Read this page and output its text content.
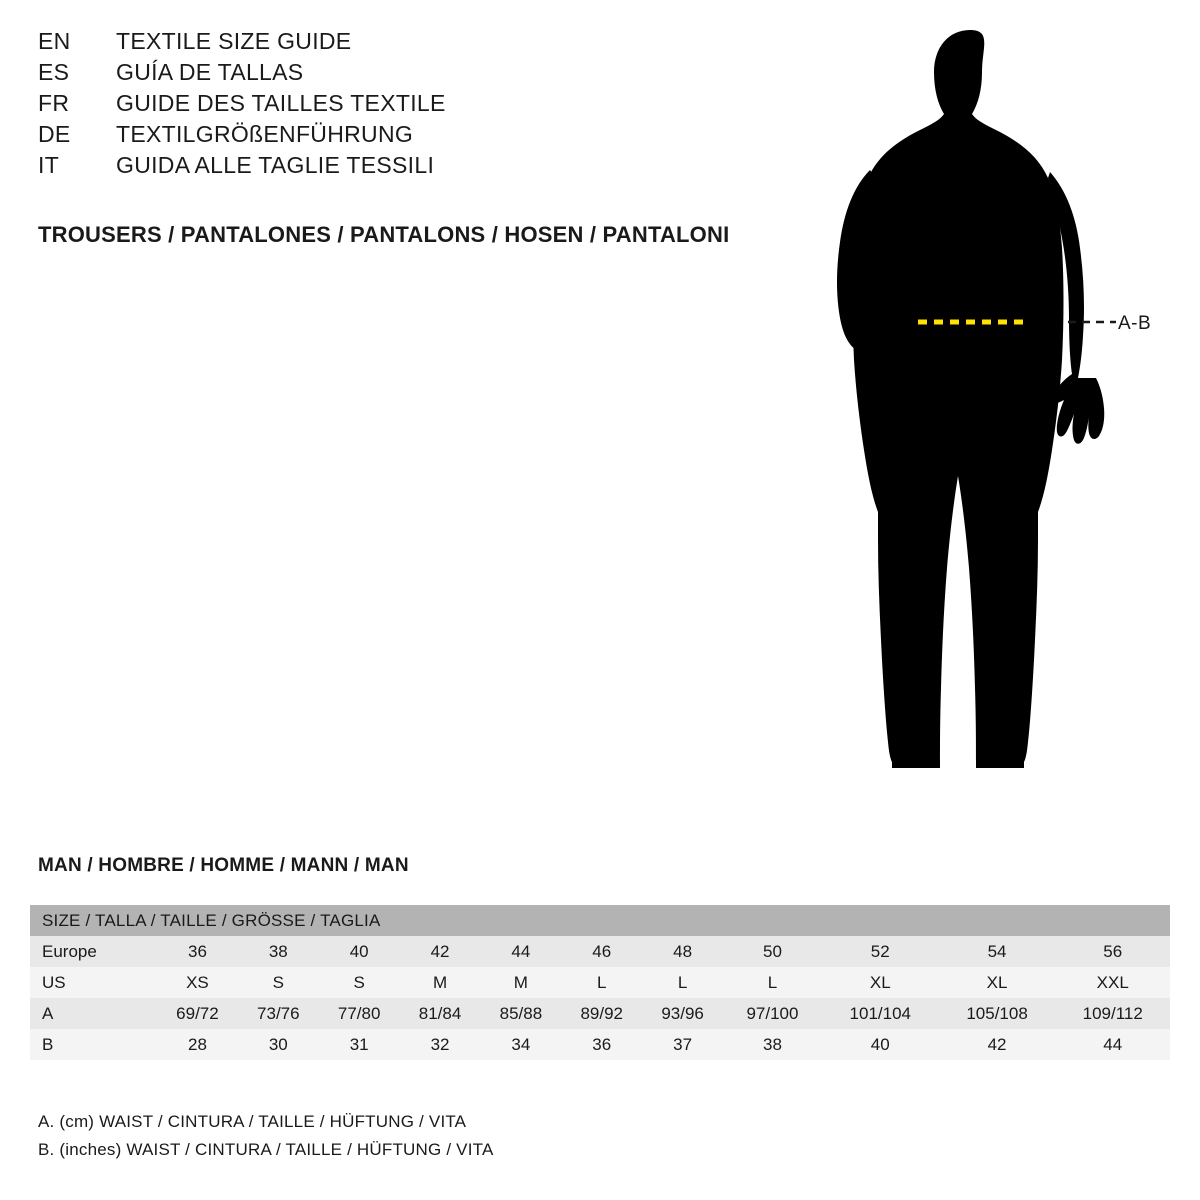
EN	TEXTILE SIZE GUIDE
ES	GUÍA DE TALLAS
FR	GUIDE DES TAILLES TEXTILE
DE	TEXTILGRÖßENFÜHRUNG
IT	GUIDA ALLE TAGLIE TESSILI
TROUSERS / PANTALONES / PANTALONS / HOSEN / PANTALONI
A-B
MAN / HOMBRE / HOMME / MANN / MAN
SIZE / TALLA / TAILLE / GRÖSSE / TAGLIA											
Europe	36	38	40	42	44	46	48	50	52	54	56
US	XS	S	S	M	M	L	L	L	XL	XL	XXL
A	69/72	73/76	77/80	81/84	85/88	89/92	93/96	97/100	101/104	105/108	109/112
B	28	30	31	32	34	36	37	38	40	42	44
A. (cm) WAIST / CINTURA / TAILLE / HÜFTUNG / VITA
B. (inches) WAIST / CINTURA / TAILLE / HÜFTUNG / VITA
